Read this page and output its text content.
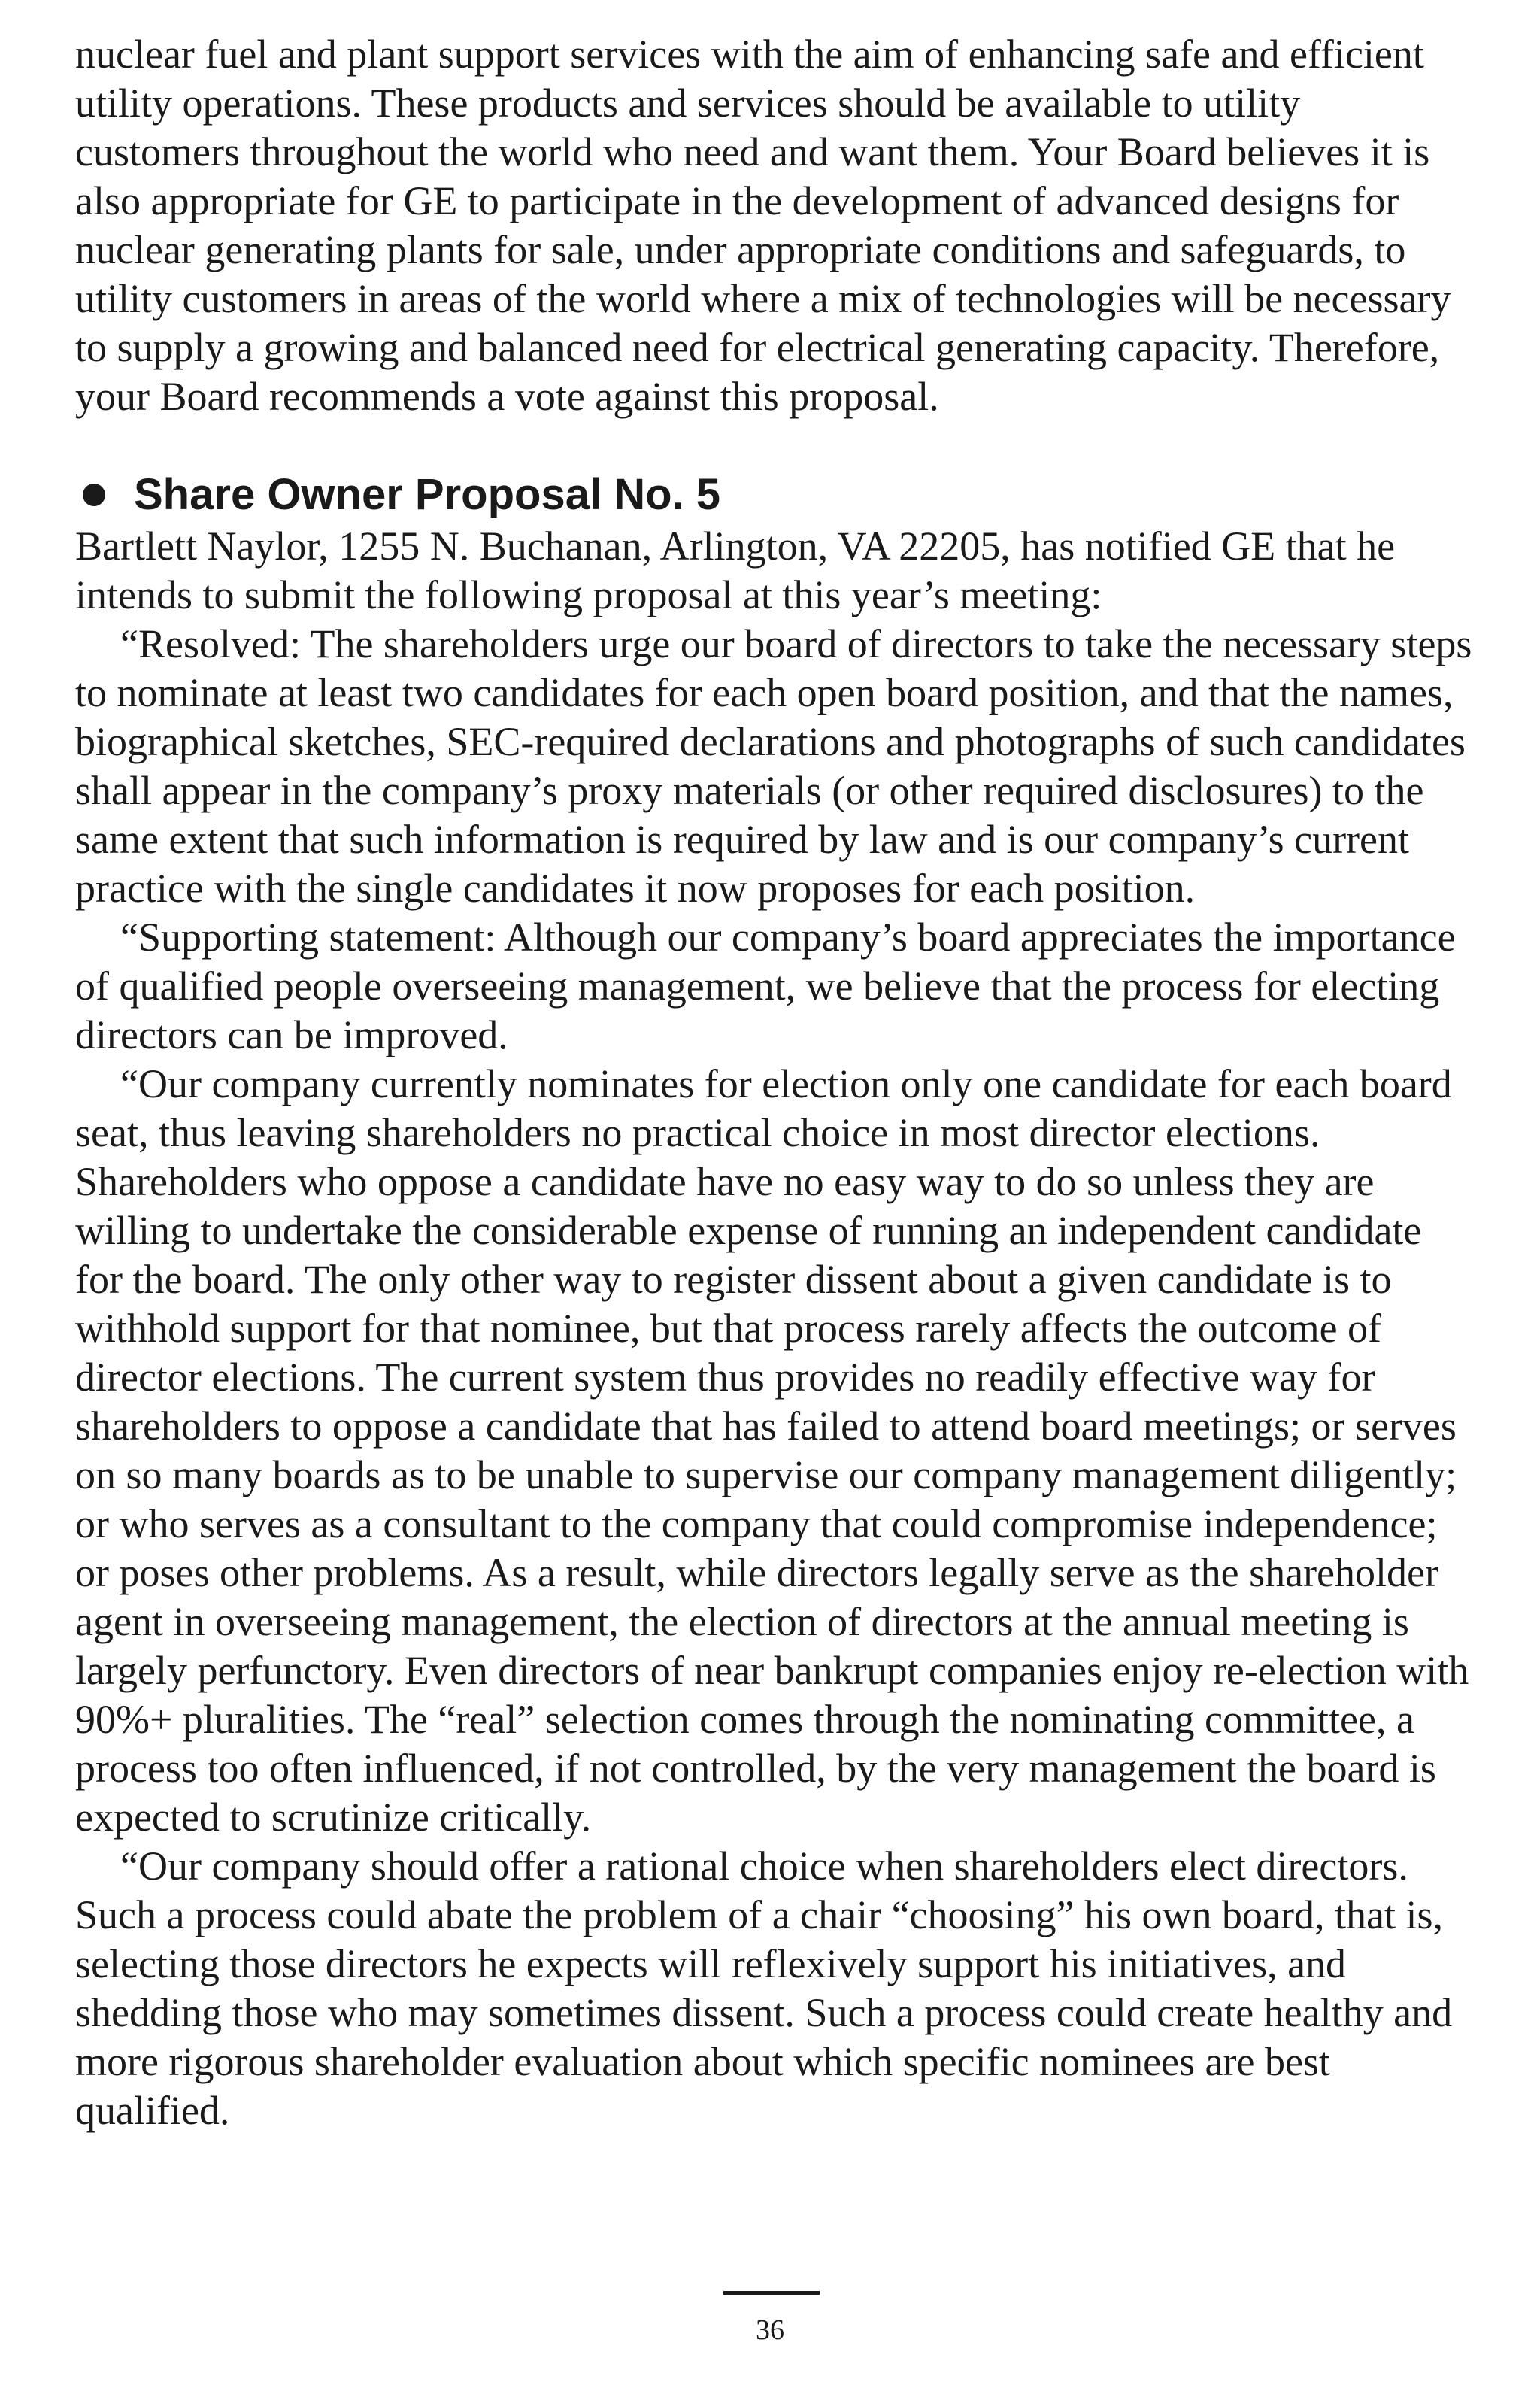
nuclear fuel and plant support services with the aim of enhancing safe and efficient utility operations. These products and services should be available to utility customers throughout the world who need and want them. Your Board believes it is also appropriate for GE to participate in the development of advanced designs for nuclear generating plants for sale, under appropriate conditions and safeguards, to utility customers in areas of the world where a mix of technologies will be necessary to supply a growing and balanced need for electrical generating capacity. Therefore, your Board recommends a vote against this proposal.

Share Owner Proposal No. 5

Bartlett Naylor, 1255 N. Buchanan, Arlington, VA 22205, has notified GE that he intends to submit the following proposal at this year’s meeting:

“Resolved: The shareholders urge our board of directors to take the necessary steps to nominate at least two candidates for each open board position, and that the names, biographical sketches, SEC-required declarations and photographs of such candidates shall appear in the company’s proxy materials (or other required disclosures) to the same extent that such information is required by law and is our company’s current practice with the single candidates it now proposes for each position.

“Supporting statement: Although our company’s board appreciates the importance of qualified people overseeing management, we believe that the process for electing directors can be improved.

“Our company currently nominates for election only one candidate for each board seat, thus leaving shareholders no practical choice in most director elections. Shareholders who oppose a candidate have no easy way to do so unless they are willing to undertake the considerable expense of running an independent candidate for the board. The only other way to register dissent about a given candidate is to withhold support for that nominee, but that process rarely affects the outcome of director elections. The current system thus provides no readily effective way for shareholders to oppose a candidate that has failed to attend board meetings; or serves on so many boards as to be unable to supervise our company management diligently; or who serves as a consultant to the company that could compromise independence; or poses other problems. As a result, while directors legally serve as the shareholder agent in overseeing management, the election of directors at the annual meeting is largely perfunctory. Even directors of near bankrupt companies enjoy re-election with 90%+ pluralities. The “real” selection comes through the nominating committee, a process too often influenced, if not controlled, by the very management the board is expected to scrutinize critically.

“Our company should offer a rational choice when shareholders elect directors. Such a process could abate the problem of a chair “choosing” his own board, that is, selecting those directors he expects will reflexively support his initiatives, and shedding those who may sometimes dissent. Such a process could create healthy and more rigorous shareholder evaluation about which specific nominees are best qualified.

36
